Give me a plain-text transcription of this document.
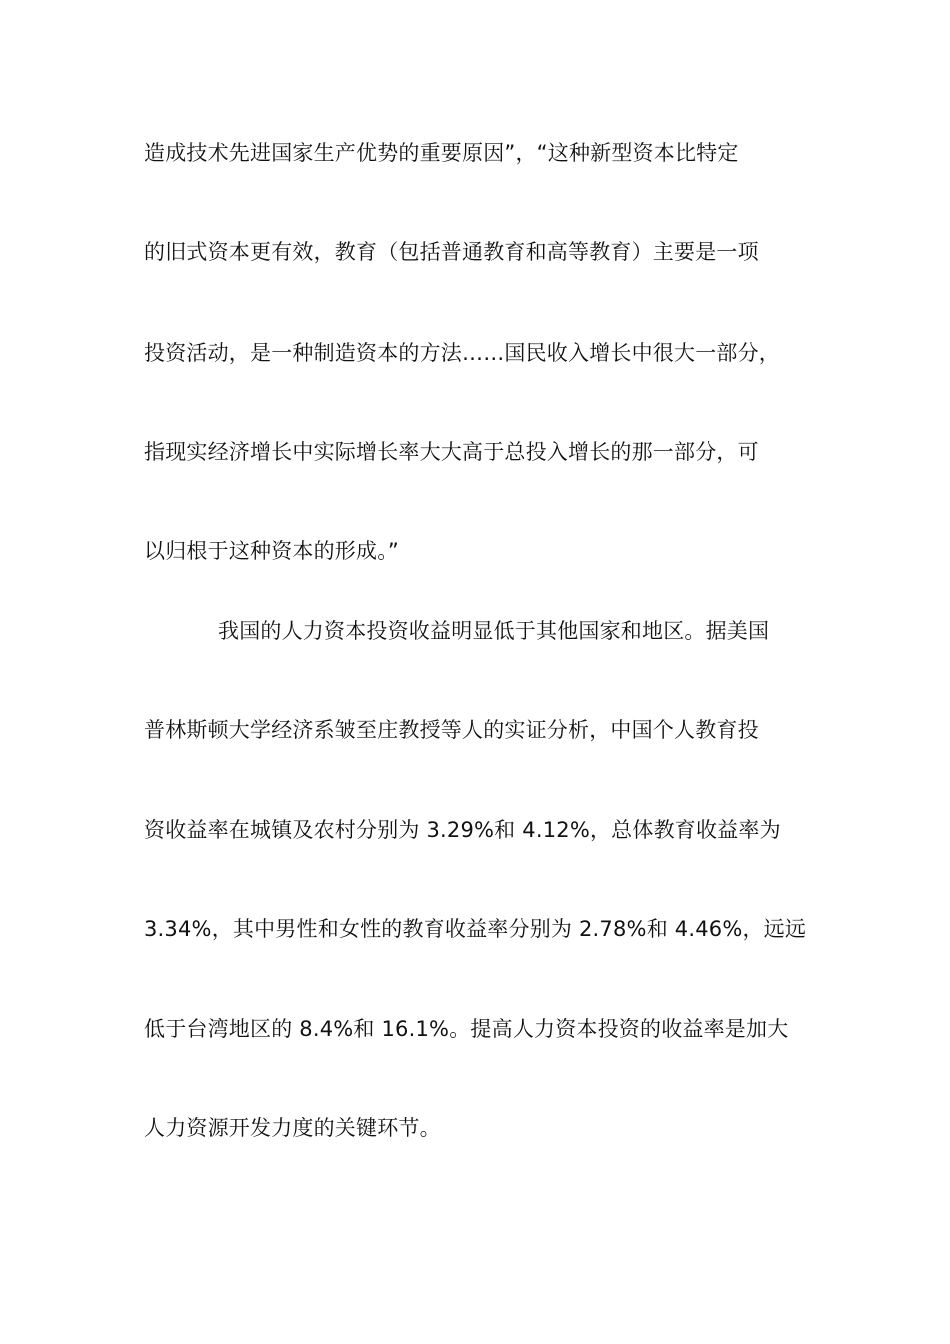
造成技术先进国家生产优势的重要原因”，“这种新型资本比特定
的旧式资本更有效，教育（包括普通教育和高等教育）主要是一项
投资活动，是一种制造资本的方法……国民收入增长中很大一部分，
指现实经济增长中实际增长率大大高于总投入增长的那一部分，可
以归根于这种资本的形成。”
我国的人力资本投资收益明显低于其他国家和地区。据美国
普林斯顿大学经济系皱至庄教授等人的实证分析，中国个人教育投
资收益率在城镇及农村分别为 3.29%和 4.12%，总体教育收益率为
3.34%，其中男性和女性的教育收益率分别为 2.78%和 4.46%，远远
低于台湾地区的 8.4%和 16.1%。提高人力资本投资的收益率是加大
人力资源开发力度的关键环节。
